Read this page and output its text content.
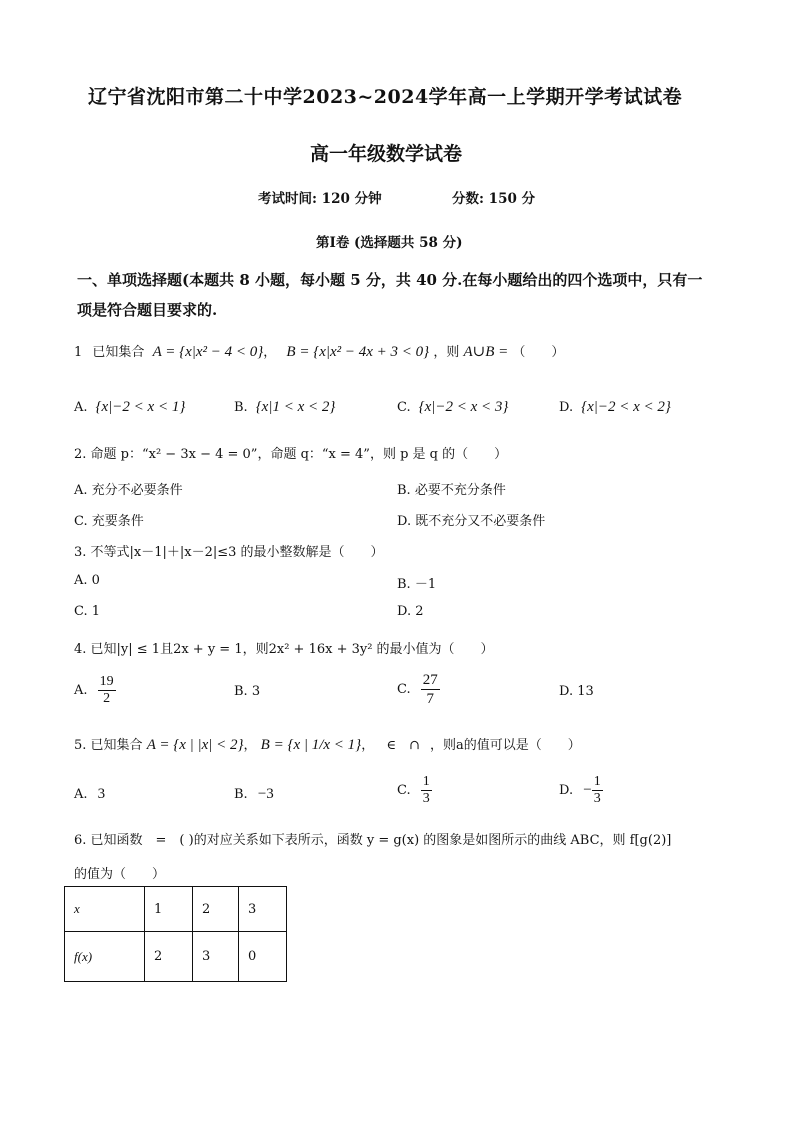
辽宁省沈阳市第二十中学2023~2024学年高一上学期开学考试试卷
高一年级数学试卷
考试时间: 120 分钟	分数: 150 分
第Ⅰ卷 (选择题共 58 分)
一、单项选择题(本题共 8 小题，每小题 5 分，共 40 分.在每小题给出的四个选项中，只有一
项是符合题目要求的.
1 已知集合 A = {x|x² − 4 < 0}， B = {x|x² − 4x + 3 < 0} ，则 A∪B = （　　）
A. {x|−2 < x < 1}	B. {x|1 < x < 2}	C. {x|−2 < x < 3}	D. {x|−2 < x < 2}
2. 命题 p：“x² − 3x − 4 = 0”，命题 q：“x = 4”，则 p 是 q 的（　　）
A. 充分不必要条件	B. 必要不充分条件
C. 充要条件	D. 既不充分又不必要条件
3. 不等式|x－1|＋|x－2|≤3 的最小整数解是（　　）
A. 0	B. －1
C. 1	D. 2
4. 已知|y| ≤ 1且2x + y = 1，则2x² + 16x + 3y² 的最小值为（　　）
A. $\frac{19}{2}$	B. 3	C. $\frac{27}{7}$	D. 13
5. 已知集合 A = {x | |x| < 2}， B = {x | 1/x < 1}， ∈　∩ ，则a的值可以是（　　）
A. 3	B. −3	C. $\frac{1}{3}$	D. − $\frac{1}{3}$
6. 已知函数　=　( )的对应关系如下表所示，函数 y = g(x) 的图象是如图所示的曲线 ABC，则 f[g(2)]
的值为（　　）
x	1	2	3
f(x)	2	3	0
